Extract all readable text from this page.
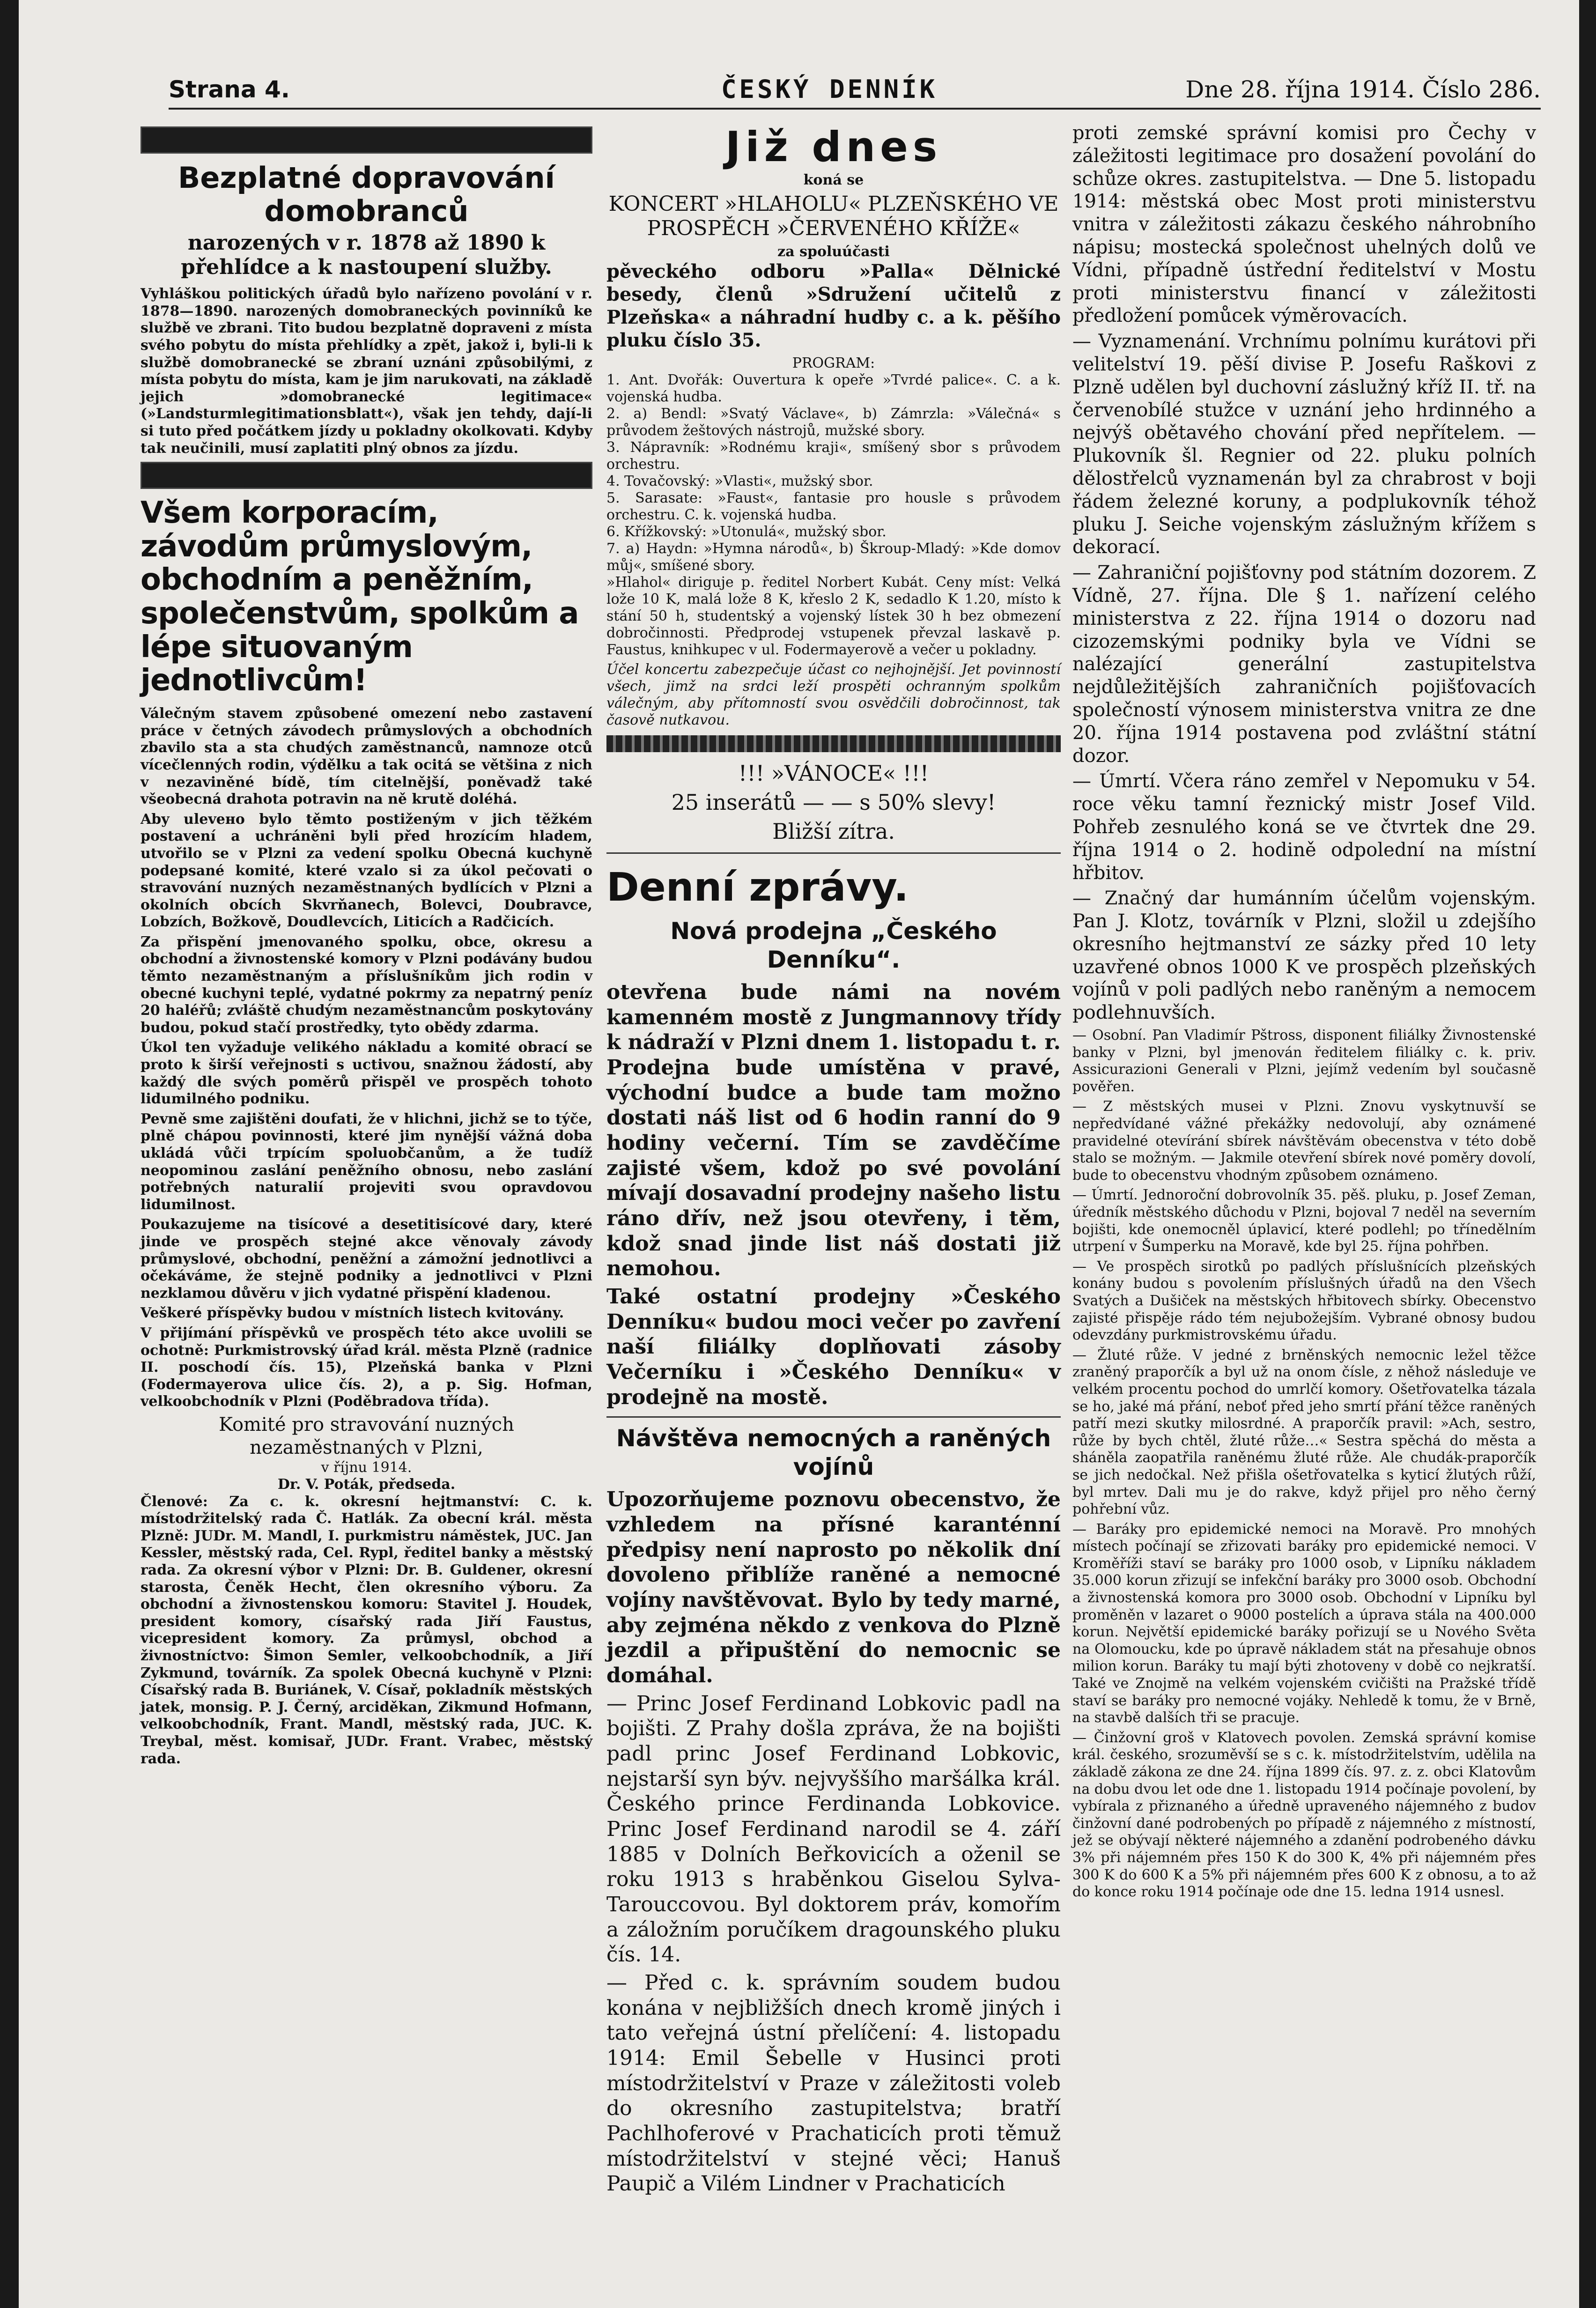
Strana 4.	ČESKÝ DENNÍK	Dne 28. října 1914. Číslo 286.
Bezplatné dopravování domobranců
narozených v r. 1878 až 1890 k přehlídce a k nastoupení služby.

Vyhláškou politických úřadů bylo nařízeno povolání v r. 1878—1890. narozených domobraneckých povinníků ke službě ve zbrani. Tito budou bezplatně dopraveni z místa svého pobytu do místa přehlídky a zpět, jakož i, byli-li k službě domobranecké se zbraní uznáni způsobilými, z místa pobytu do místa, kam je jim narukovati, na základě jejich »domobranecké legitimace« (»Landsturmlegitimationsblatt«), však jen tehdy, dají-li si tuto před počátkem jízdy u pokladny okolkovati. Kdyby tak neučinili, musí zaplatiti plný obnos za jízdu.

Všem korporacím, závodům průmyslovým, obchodním a peněžním, společenstvům, spolkům a lépe situovaným jednotlivcům!

Válečným stavem způsobené omezení nebo zastavení práce v četných závodech průmyslových a obchodních zbavilo sta a sta chudých zaměstnanců, namnoze otců vícečlenných rodin, výdělku a tak ocitá se většina z nich v nezaviněné bídě, tím citelnější, poněvadž také všeobecná drahota potravin na ně krutě doléhá.

Aby ulevено bylo těmto postiženým v jich těžkém postavení a uchráněni byli před hrozícím hladem, utvořilo se v Plzni za vedení spolku Obecná kuchyně podepsané komité, které vzalo si za úkol pečovati o stravování nuzných nezaměstnaných bydlících v Plzni a okolních obcích Skvrňanech, Bolevci, Doubravce, Lobzích, Božkově, Doudlevcích, Liticích a Radčicích.

Za přispění jmenovaného spolku, obce, okresu a obchodní a živnostenské komory v Plzni podávány budou těmto nezaměstnaným a příslušníkům jich rodin v obecné kuchyni teplé, vydatné pokrmy za nepatrný peníz 20 haléřů; zvláště chudým nezaměstnancům poskytovány budou, pokud stačí prostředky, tyto obědy zdarma.

Úkol ten vyžaduje velikého nákladu a komité obrací se proto k širší veřejnosti s uctivou, snažnou žádostí, aby každý dle svých poměrů přispěl ve prospěch tohoto lidumilného podniku.

Pevně sme zajištěni doufati, že v hlichni, jichž se to týče, plně chápou povinnosti, které jim nynější vážná doba ukládá vůči trpícím spoluobčanům, a že tudíž neopominou zaslání peněžního obnosu, nebo zaslání potřebných naturalií projeviti svou opravdovou lidumilnost.

Poukazujeme na tisícové a desetitisícové dary, které jinde ve prospěch stejné akce věnovaly závody průmyslové, obchodní, peněžní a zámožní jednotlivci a očekáváme, že stejně podniky a jednotlivci v Plzni nezklamou důvěru v jich vydatné přispění kladenou.

Veškeré příspěvky budou v místních listech kvitovány.

V přijímání příspěvků ve prospěch této akce uvolili se ochotně: Purkmistrovský úřad král. města Plzně (radnice II. poschodí čís. 15), Plzeňská banka v Plzni (Fodermayerova ulice čís. 2), a p. Sig. Hofman, velkoobchodník v Plzni (Poděbradova třída).

Komité pro stravování nuzných nezaměstnaných v Plzni,
v říjnu 1914.
Dr. V. Poták, předseda.

Členové: Za c. k. okresní hejtmanství: C. k. místodržitelský rada Č. Hatlák. Za obecní král. města Plzně: JUDr. M. Mandl, I. purkmistru náměstek, JUC. Jan Kessler, městský rada, Cel. Rypl, ředitel banky a městský rada. Za okresní výbor v Plzni: Dr. B. Guldener, okresní starosta, Čeněk Hecht, člen okresního výboru. Za obchodní a živnostenskou komoru: Stavitel J. Houdek, president komory, císařský rada Jiří Faustus, vicepresident komory. Za průmysl, obchod a živnostníctvo: Šimon Semler, velkoobchodník, a Jiří Zykmund, továrník. Za spolek Obecná kuchyně v Plzni: Císařský rada B. Buriánek, V. Císař, pokladník městských jatek, monsig. P. J. Černý, arciděkan, Zikmund Hofmann, velkoobchodník, Frant. Mandl, městský rada, JUC. K. Treybal, měst. komisař, JUDr. Frant. Vrabec, městský rada.

Již dnes
koná se
KONCERT »HLAHOLU« PLZEŇSKÉHO VE PROSPĚCH »ČERVENÉHO KŘÍŽE«
za spoluúčasti

pěveckého odboru »Palla« Dělnické besedy, členů »Sdružení učitelů z Plzeňska« a náhradní hudby c. a k. pěšího pluku číslo 35.

PROGRAM:
1. Ant. Dvořák: Ouvertura k opeře »Tvrdé palice«. C. a k. vojenská hudba.
2. a) Bendl: »Svatý Václave«, b) Zámrzla: »Válečná« s průvodem žeštových nástrojů, mužské sbory.
3. Nápravník: »Rodnému kraji«, smíšený sbor s průvodem orchestru.
4. Tovačovský: »Vlasti«, mužský sbor.
5. Sarasate: »Faust«, fantasie pro housle s průvodem orchestru. C. k. vojenská hudba.
6. Křížkovský: »Utonulá«, mužský sbor.
7. a) Haydn: »Hymna národů«, b) Škroup-Mladý: »Kde domov můj«, smíšené sbory.

»Hlahol« diriguje p. ředitel Norbert Kubát. Ceny míst: Velká lože 10 K, malá lože 8 K, křeslo 2 K, sedadlo K 1.20, místo k stání 50 h, studentský a vojenský lístek 30 h bez obmezení dobročinnosti. Předprodej vstupenek převzal laskavě p. Faustus, knihkupec v ul. Fodermayerově a večer u pokladny.

Účel koncertu zabezpečuje účast co nejhojnější. Jet povinností všech, jimž na srdci leží prospěti ochranným spolkům válečným, aby přítomností svou osvědčili dobročinnost, tak časově nutkavou.

!!! »VÁNOCE« !!!
25 inserátů — — s 50% slevy!
Bližší zítra.
Denní zprávy.
Nová prodejna „Českého Denníku“.

otevřena bude námi na novém kamenném mostě z Jungmannovy třídy k nádraží v Plzni dnem 1. listopadu t. r. Prodejna bude umístěna v pravé, východní budce a bude tam možno dostati náš list od 6 hodin ranní do 9 hodiny večerní. Tím se zavděčíme zajisté všem, kdož po své povolání mívají dosavadní prodejny našeho listu ráno dřív, než jsou otevřeny, i těm, kdož snad jinde list náš dostati již nemohou.

Také ostatní prodejny »Českého Denníku« budou moci večer po zavření naší filiálky doplňovati zásoby Večerníku i »Českého Denníku« v prodejně na mostě.

Návštěva nemocných a raněných vojínů

Upozorňujeme poznovu obecenstvo, že vzhledem na přísné karanténní předpisy není naprosto po několik dní dovoleno přiblíže raněné a nemocné vojíny navštěvovat. Bylo by tedy marné, aby zejména někdo z venkova do Plzně jezdil a připuštění do nemocnic se domáhal.

— Princ Josef Ferdinand Lobkovic padl na bojišti. Z Prahy došla zpráva, že na bojišti padl princ Josef Ferdinand Lobkovic, nejstarší syn býv. nejvyššího maršálka král. Českého prince Ferdinanda Lobkovice. Princ Josef Ferdinand narodil se 4. září 1885 v Dolních Beřkovicích a oženil se roku 1913 s hraběnkou Giselou Sylva-Tarouccovou. Byl doktorem práv, komořím a záložním poručíkem dragounského pluku čís. 14.

— Před c. k. správním soudem budou konána v nejbližších dnech kromě jiných i tato veřejná ústní přelíčení: 4. listopadu 1914: Emil Šebelle v Husinci proti místodržitelství v Praze v záležitosti voleb do okresního zastupitelstva; bratří Pachlhoferové v Prachaticích proti těmuž místodržitelství v stejné věci; Hanuš Paupič a Vilém Lindner v Prachaticích

proti zemské správní komisi pro Čechy v záležitosti legitimace pro dosažení povolání do schůze okres. zastupitelstva. — Dne 5. listopadu 1914: městská obec Most proti ministerstvu vnitra v záležitosti zákazu českého náhrobního nápisu; mostecká společnost uhelných dolů ve Vídni, případně ústřední ředitelství v Mostu proti ministerstvu financí v záležitosti předložení pomůcek výměrovacích.

— Vyznamenání. Vrchnímu polnímu kurátovi při velitelství 19. pěší divise P. Josefu Raškovi z Plzně udělen byl duchovní záslužný kříž II. tř. na červenobílé stužce v uznání jeho hrdinného a nejvýš obětavého chování před nepřítelem. — Plukovník šl. Regnier od 22. pluku polních dělostřelců vyznamenán byl za chrabrost v boji řádem železné koruny, a podplukovník téhož pluku J. Seiche vojenským záslužným křížem s dekorací.

— Zahraniční pojišťovny pod státním dozorem. Z Vídně, 27. října. Dle § 1. nařízení celého ministerstva z 22. října 1914 o dozoru nad cizozemskými podniky byla ve Vídni se nalézající generální zastupitelstva nejdůležitějších zahraničních pojišťovacích společností výnosem ministerstva vnitra ze dne 20. října 1914 postavena pod zvláštní státní dozor.

— Úmrtí. Včera ráno zemřel v Nepomuku v 54. roce věku tamní řeznický mistr Josef Vild. Pohřeb zesnulého koná se ve čtvrtek dne 29. října 1914 o 2. hodině odpolední na místní hřbitov.

— Značný dar humánním účelům vojenským. Pan J. Klotz, továrník v Plzni, složil u zdejšího okresního hejtmanství ze sázky před 10 lety uzavřené obnos 1000 K ve prospěch plzeňských vojínů v poli padlých nebo raněným a nemocem podlehnuvších.

— Osobní. Pan Vladimír Pštross, disponent filiálky Živnostenské banky v Plzni, byl jmenován ředitelem filiálky c. k. priv. Assicurazioni Generali v Plzni, jejímž vedením byl současně pověřen.

— Z městských musei v Plzni. Znovu vyskytnuvší se nepředvídané vážné překážky nedovolují, aby oznámené pravidelné otevírání sbírek návštěvám obecenstva v této době stalo se možným. — Jakmile otevření sbírek nové poměry dovolí, bude to obecenstvu vhodným způsobem oznámeno.

— Úmrtí. Jednoroční dobrovolník 35. pěš. pluku, p. Josef Zeman, úředník městského důchodu v Plzni, bojoval 7 neděl na severním bojišti, kde onemocněl úplavicí, které podlehl; po třínedělním utrpení v Šumperku na Moravě, kde byl 25. října pohřben.

— Ve prospěch sirotků po padlých příslušnících plzeňských konány budou s povolením příslušných úřadů na den Všech Svatých a Dušiček na městských hřbitovech sbírky. Obecenstvo zajisté přispěje rádo tém nejubožejším. Vybrané obnosy budou odevzdány purkmistrovskému úřadu.

— Žluté růže. V jedné z brněnských nemocnic ležel těžce zraněný praporčík a byl už na onom čísle, z něhož následuje ve velkém procentu pochod do umrlčí komory. Ošetřovatelka tázala se ho, jaké má přání, neboť před jeho smrtí přání těžce raněných patří mezi skutky milosrdné. A praporčík pravil: »Ach, sestro, růže by bych chtěl, žluté růže…« Sestra spěchá do města a sháněla zaopatřila raněnému žluté růže. Ale chudák-praporčík se jich nedočkal. Než přišla ošetřovatelka s kyticí žlutých růží, byl mrtev. Dali mu je do rakve, když přijel pro něho černý pohřební vůz.

— Baráky pro epidemické nemoci na Moravě. Pro mnohých místech počínají se zřizovati baráky pro epidemické nemoci. V Kroměříži staví se baráky pro 1000 osob, v Lipníku nákladem 35.000 korun zřizují se infekční baráky pro 3000 osob. Obchodní a živnostenská komora pro 3000 osob. Obchodní v Lipníku byl proměněn v lazaret o 9000 postelích a úprava stála na 400.000 korun. Největší epidemické baráky pořizují se u Nového Světa na Olomoucku, kde po úpravě nákladem stát na přesahuje obnos milion korun. Baráky tu mají býti zhotoveny v době co nejkratší. Také ve Znojmě na velkém vojenském cvičišti na Pražské třídě staví se baráky pro nemocné vojáky. Nehledě k tomu, že v Brně, na stavbě dalších tři se pracuje.

— Činžovní groš v Klatovech povolen. Zemská správní komise král. českého, srozuměvší se s c. k. místodržitelstvím, udělila na základě zákona ze dne 24. října 1899 čís. 97. z. z. obci Klatovům na dobu dvou let ode dne 1. listopadu 1914 počínaje povolení, by vybírala z přiznaného a úředně upraveného nájemného z budov činžovní dané podrobených po případě z nájemného z místností, jež se obývají některé nájemného a zdanění podrobeného dávku 3% při nájemném přes 150 K do 300 K, 4% při nájemném přes 300 K do 600 K a 5% při nájemném přes 600 K z obnosu, a to až do konce roku 1914 počínaje ode dne 15. ledna 1914 usnesl.
